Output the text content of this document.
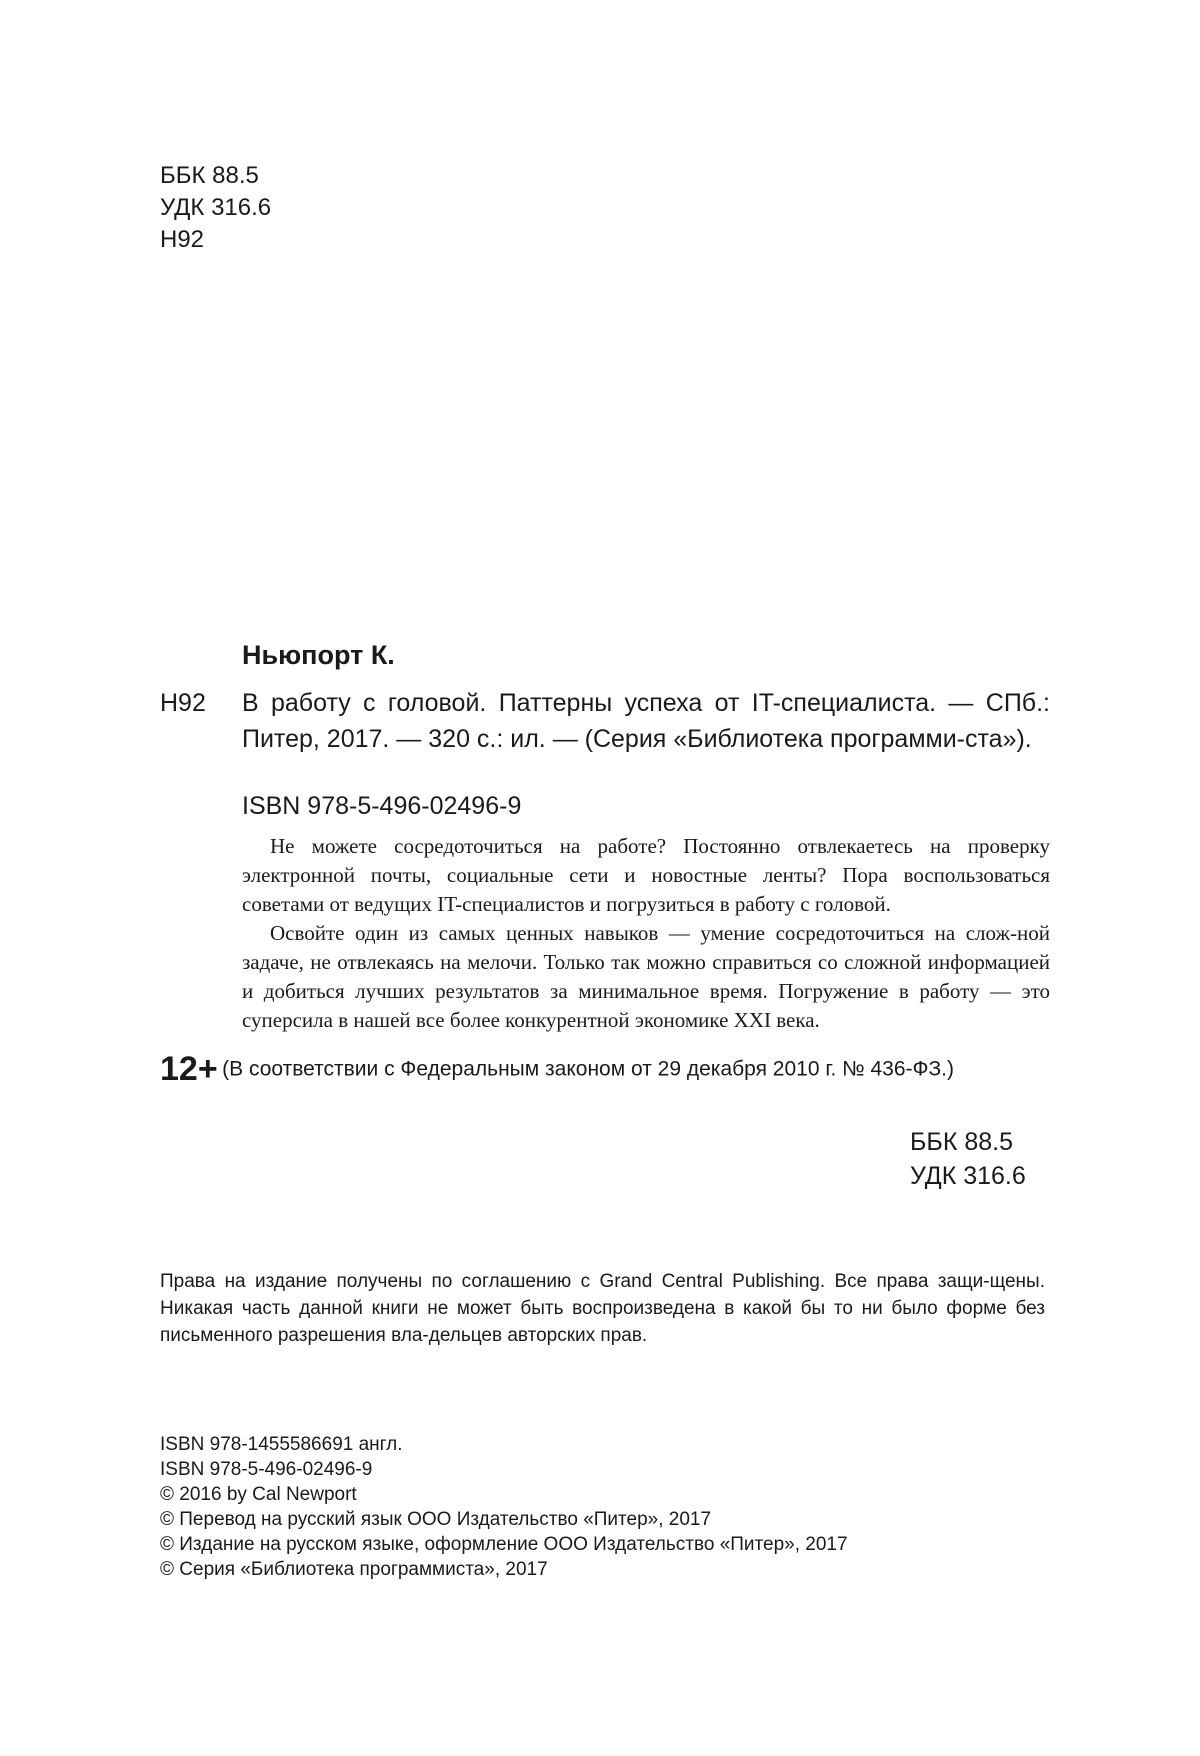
ББК 88.5
УДК 316.6
Н92
Ньюпорт К.
Н92 В работу с головой. Паттерны успеха от IT-специалиста. — СПб.: Питер, 2017. — 320 с.: ил. — (Серия «Библиотека программи-ста»).
ISBN 978-5-496-02496-9

Не можете сосредоточиться на работе? Постоянно отвлекаетесь на проверку электронной почты, социальные сети и новостные ленты? Пора воспользоваться советами от ведущих IT-специалистов и погрузиться в работу с головой.

Освойте один из самых ценных навыков — умение сосредоточиться на слож-ной задаче, не отвлекаясь на мелочи. Только так можно справиться со сложной информацией и добиться лучших результатов за минимальное время. Погружение в работу — это суперсила в нашей все более конкурентной экономике XXI века.

12+ (В соответствии с Федеральным законом от 29 декабря 2010 г. № 436-ФЗ.)
ББК 88.5
УДК 316.6
Права на издание получены по соглашению с Grand Central Publishing. Все права защи-щены. Никакая часть данной книги не может быть воспроизведена в какой бы то ни было форме без письменного разрешения вла-дельцев авторских прав.
ISBN 978-1455586691 англ.
ISBN 978-5-496-02496-9
© 2016 by Cal Newport
© Перевод на русский язык ООО Издательство «Питер», 2017
© Издание на русском языке, оформление ООО Издательство «Питер», 2017
© Серия «Библиотека программиста», 2017
